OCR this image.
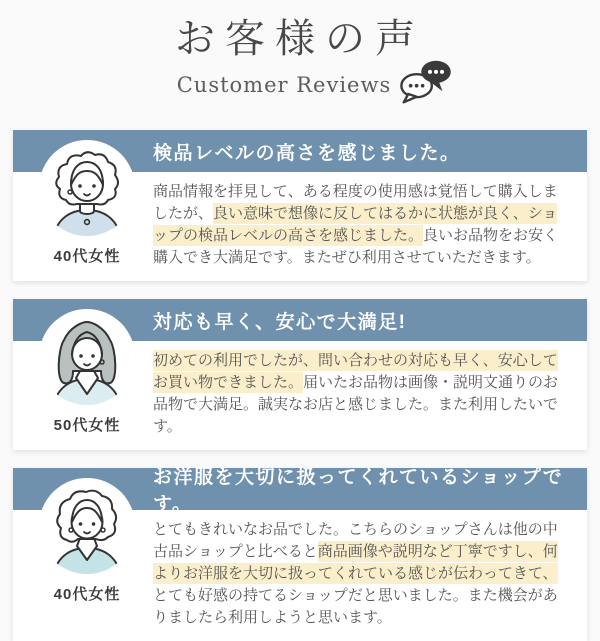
お客様の声
Customer Reviews
検品レベルの高さを感じました。
商品情報を拝見して、ある程度の使用感は覚悟して購入しましたが、良い意味で想像に反してはるかに状態が良く、ショップの検品レベルの高さを感じました。良いお品物をお安く購入でき大満足です。またぜひ利用させていただきます。
40代女性
対応も早く、安心で大満足!
初めての利用でしたが、問い合わせの対応も早く、安心してお買い物できました。届いたお品物は画像・説明文通りのお品物で大満足。誠実なお店と感じました。また利用したいです。
50代女性
お洋服を大切に扱ってくれているショップです。
とてもきれいなお品でした。こちらのショップさんは他の中古品ショップと比べると商品画像や説明など丁寧ですし、何よりお洋服を大切に扱ってくれている感じが伝わってきて、とても好感の持てるショップだと思いました。また機会がありましたら利用しようと思います。
40代女性
